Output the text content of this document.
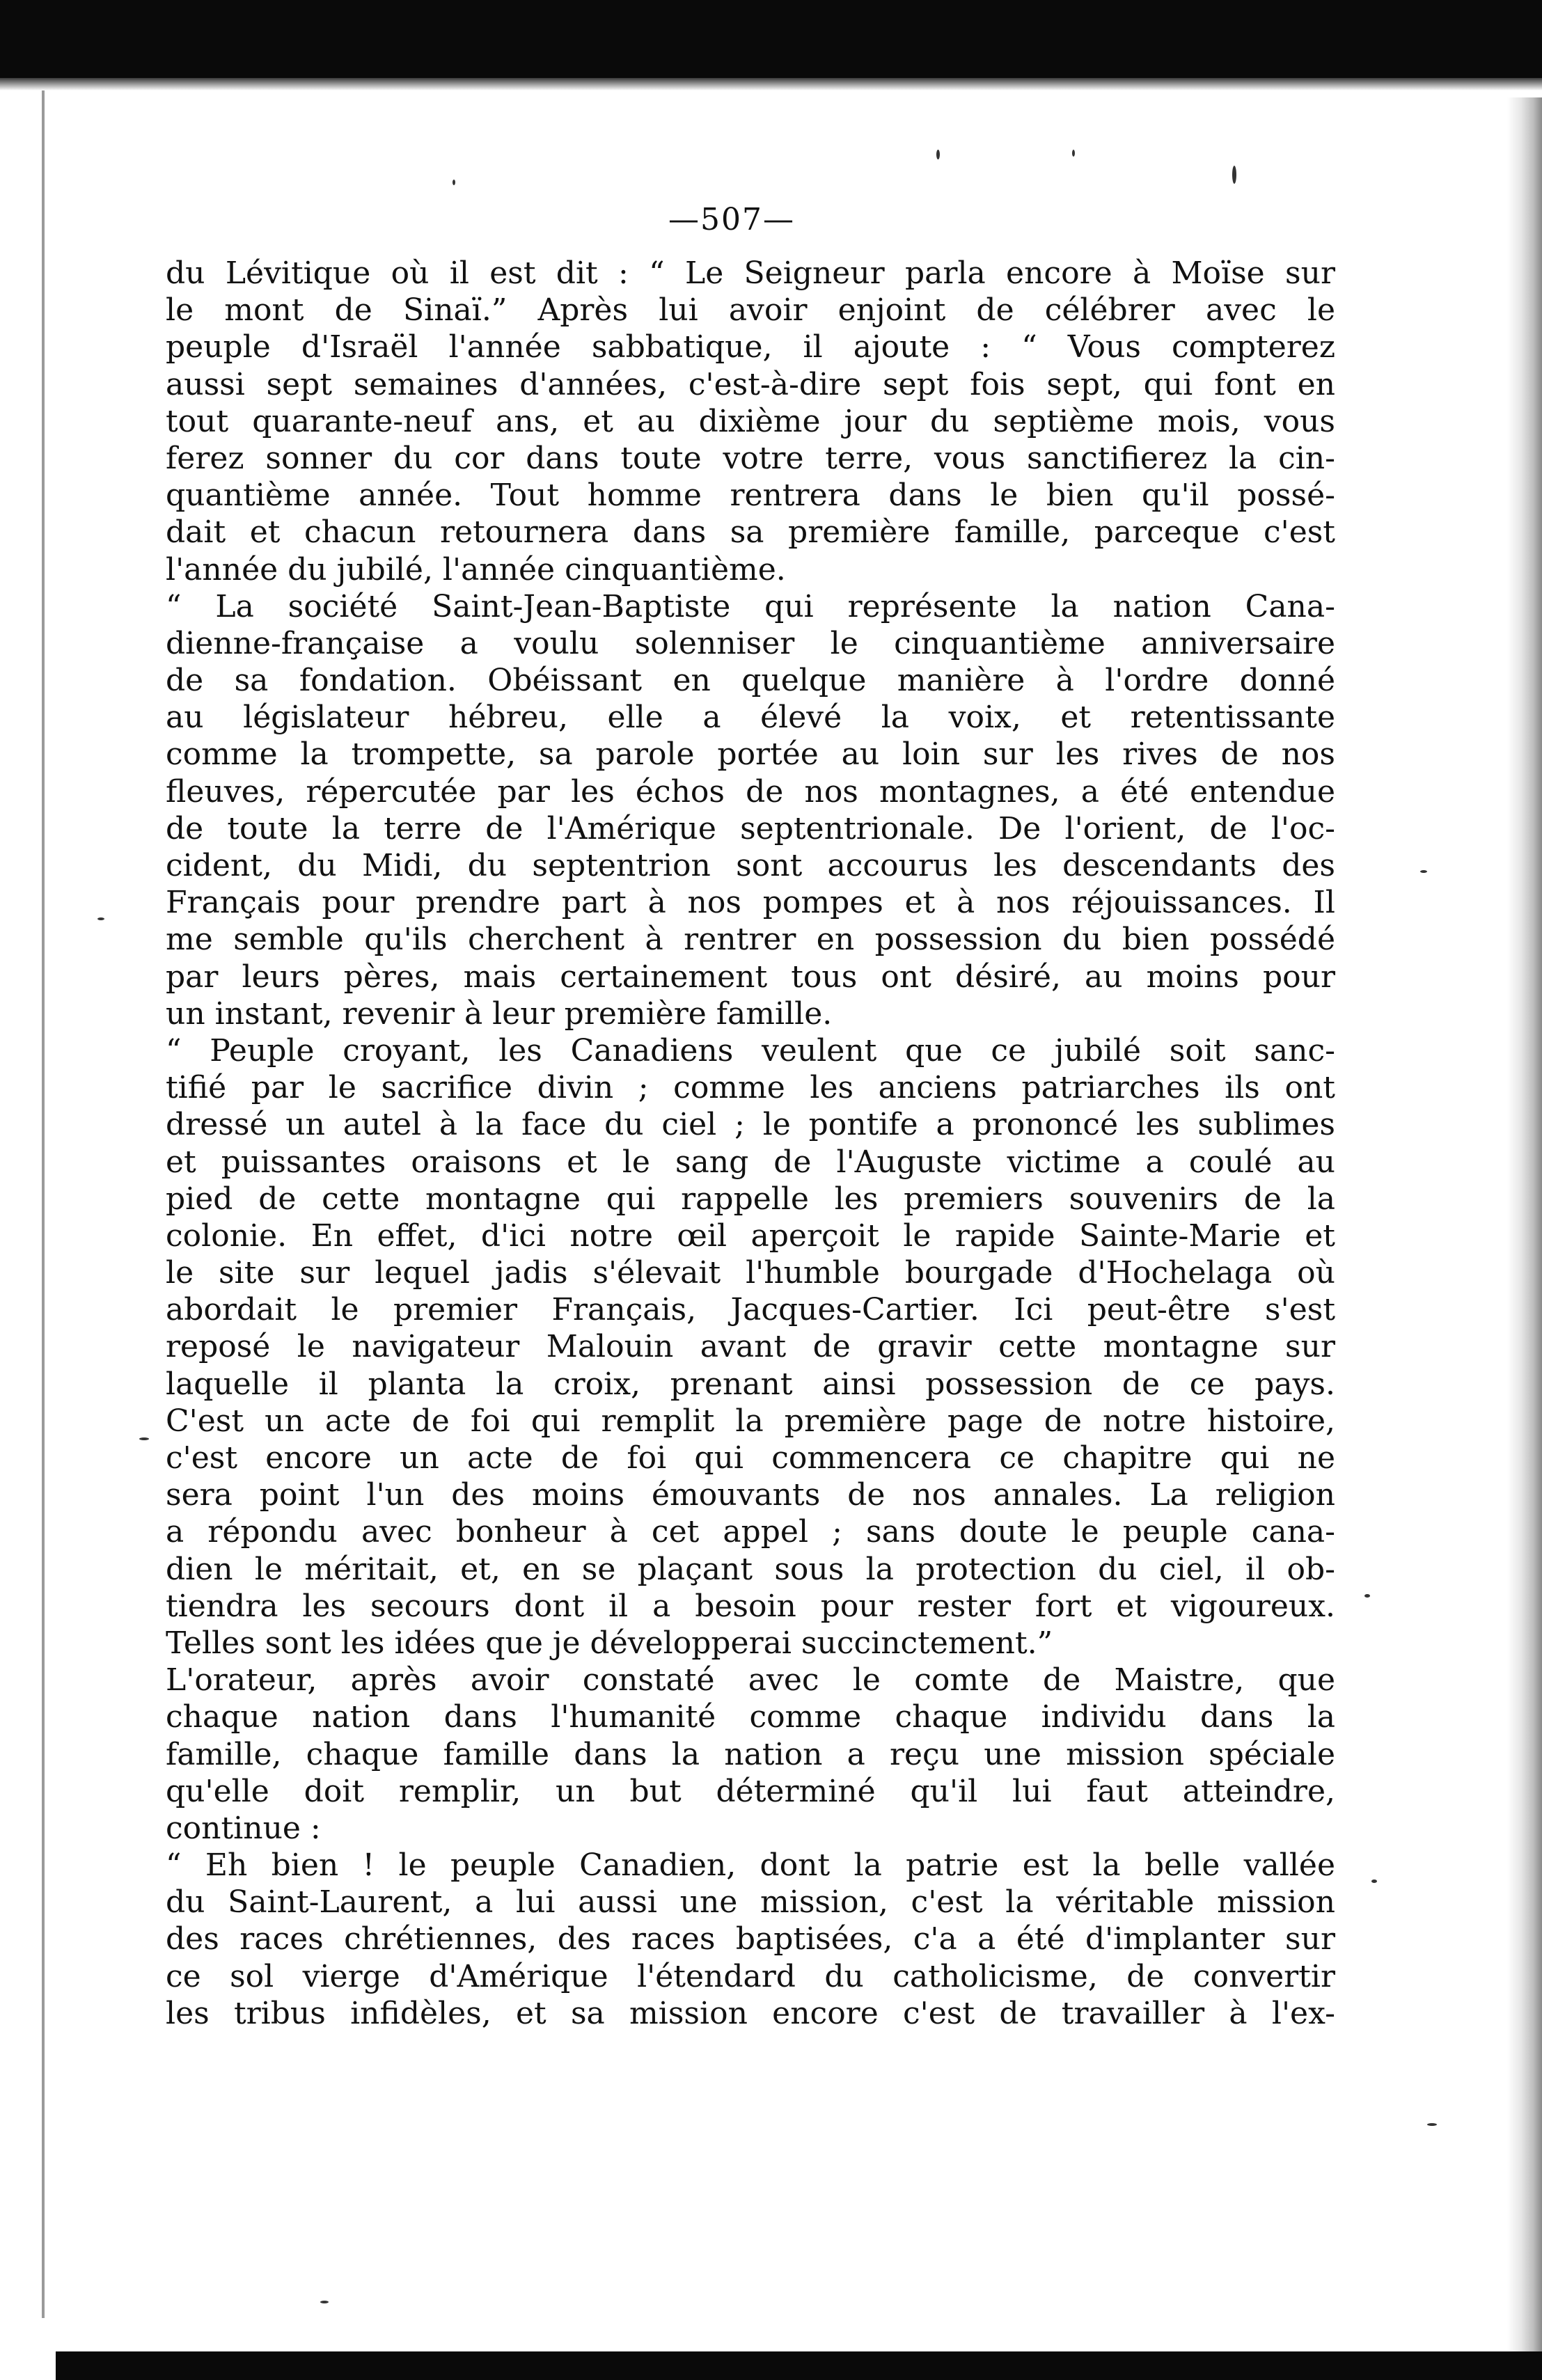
—507—
du Lévitique où il est dit : “ Le Seigneur parla encore à Moïse sur
le mont de Sinaï.” Après lui avoir enjoint de célébrer avec le
peuple d'Israël l'année sabbatique, il ajoute : “ Vous compterez
aussi sept semaines d'années, c'est-à-dire sept fois sept, qui font en
tout quarante-neuf ans, et au dixième jour du septième mois, vous
ferez sonner du cor dans toute votre terre, vous sanctifierez la cin-
quantième année. Tout homme rentrera dans le bien qu'il possé-
dait et chacun retournera dans sa première famille, parceque c'est
l'année du jubilé, l'année cinquantième.
“ La société Saint-Jean-Baptiste qui représente la nation Cana-
dienne-française a voulu solenniser le cinquantième anniversaire
de sa fondation. Obéissant en quelque manière à l'ordre donné
au législateur hébreu, elle a élevé la voix, et retentissante
comme la trompette, sa parole portée au loin sur les rives de nos
fleuves, répercutée par les échos de nos montagnes, a été entendue
de toute la terre de l'Amérique septentrionale. De l'orient, de l'oc-
cident, du Midi, du septentrion sont accourus les descendants des
Français pour prendre part à nos pompes et à nos réjouissances. Il
me semble qu'ils cherchent à rentrer en possession du bien possédé
par leurs pères, mais certainement tous ont désiré, au moins pour
un instant, revenir à leur première famille.
“ Peuple croyant, les Canadiens veulent que ce jubilé soit sanc-
tifié par le sacrifice divin ; comme les anciens patriarches ils ont
dressé un autel à la face du ciel ; le pontife a prononcé les sublimes
et puissantes oraisons et le sang de l'Auguste victime a coulé au
pied de cette montagne qui rappelle les premiers souvenirs de la
colonie. En effet, d'ici notre œil aperçoit le rapide Sainte-Marie et
le site sur lequel jadis s'élevait l'humble bourgade d'Hochelaga où
abordait le premier Français, Jacques-Cartier. Ici peut-être s'est
reposé le navigateur Malouin avant de gravir cette montagne sur
laquelle il planta la croix, prenant ainsi possession de ce pays.
C'est un acte de foi qui remplit la première page de notre histoire,
c'est encore un acte de foi qui commencera ce chapitre qui ne
sera point l'un des moins émouvants de nos annales. La religion
a répondu avec bonheur à cet appel ; sans doute le peuple cana-
dien le méritait, et, en se plaçant sous la protection du ciel, il ob-
tiendra les secours dont il a besoin pour rester fort et vigoureux.
Telles sont les idées que je développerai succinctement.”
L'orateur, après avoir constaté avec le comte de Maistre, que
chaque nation dans l'humanité comme chaque individu dans la
famille, chaque famille dans la nation a reçu une mission spéciale
qu'elle doit remplir, un but déterminé qu'il lui faut atteindre,
continue :
“ Eh bien ! le peuple Canadien, dont la patrie est la belle vallée
du Saint-Laurent, a lui aussi une mission, c'est la véritable mission
des races chrétiennes, des races baptisées, c'a a été d'implanter sur
ce sol vierge d'Amérique l'étendard du catholicisme, de convertir
les tribus infidèles, et sa mission encore c'est de travailler à l'ex-
